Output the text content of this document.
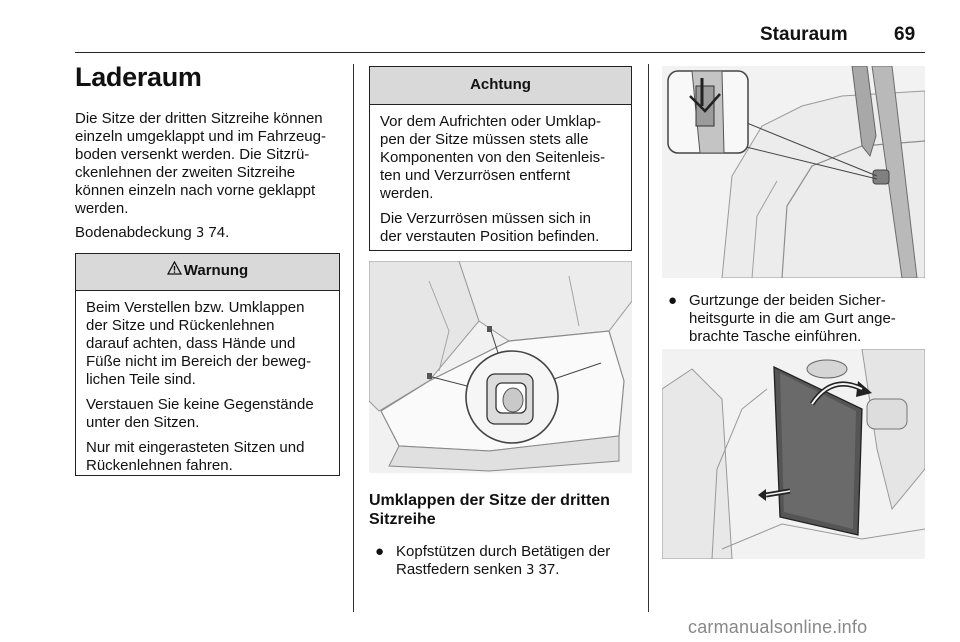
Stauraum 69
Laderaum
Die Sitze der dritten Sitzreihe können
einzeln umgeklappt und im Fahrzeug-
boden versenkt werden. Die Sitzrü-
ckenlehnen der zweiten Sitzreihe
können einzeln nach vorne geklappt
werden.
Bodenabdeckung 3 74.
Warnung

Beim Verstellen bzw. Umklappen
der Sitze und Rückenlehnen
darauf achten, dass Hände und
Füße nicht im Bereich der beweg-
lichen Teile sind.

Verstauen Sie keine Gegenstände
unter den Sitzen.

Nur mit eingerasteten Sitzen und
Rückenlehnen fahren.

Achtung

Vor dem Aufrichten oder Umklap-
pen der Sitze müssen stets alle
Komponenten von den Seitenleis-
ten und Verzurrösen entfernt
werden.

Die Verzurrösen müssen sich in
der verstauten Position befinden.

Umklappen der Sitze der dritten
Sitzreihe
● Kopfstützen durch Betätigen der
Rastfedern senken 3 37.
● Gurtzunge der beiden Sicher-
heitsgurte in die am Gurt ange-
brachte Tasche einführen.
carmanualsonline.info
